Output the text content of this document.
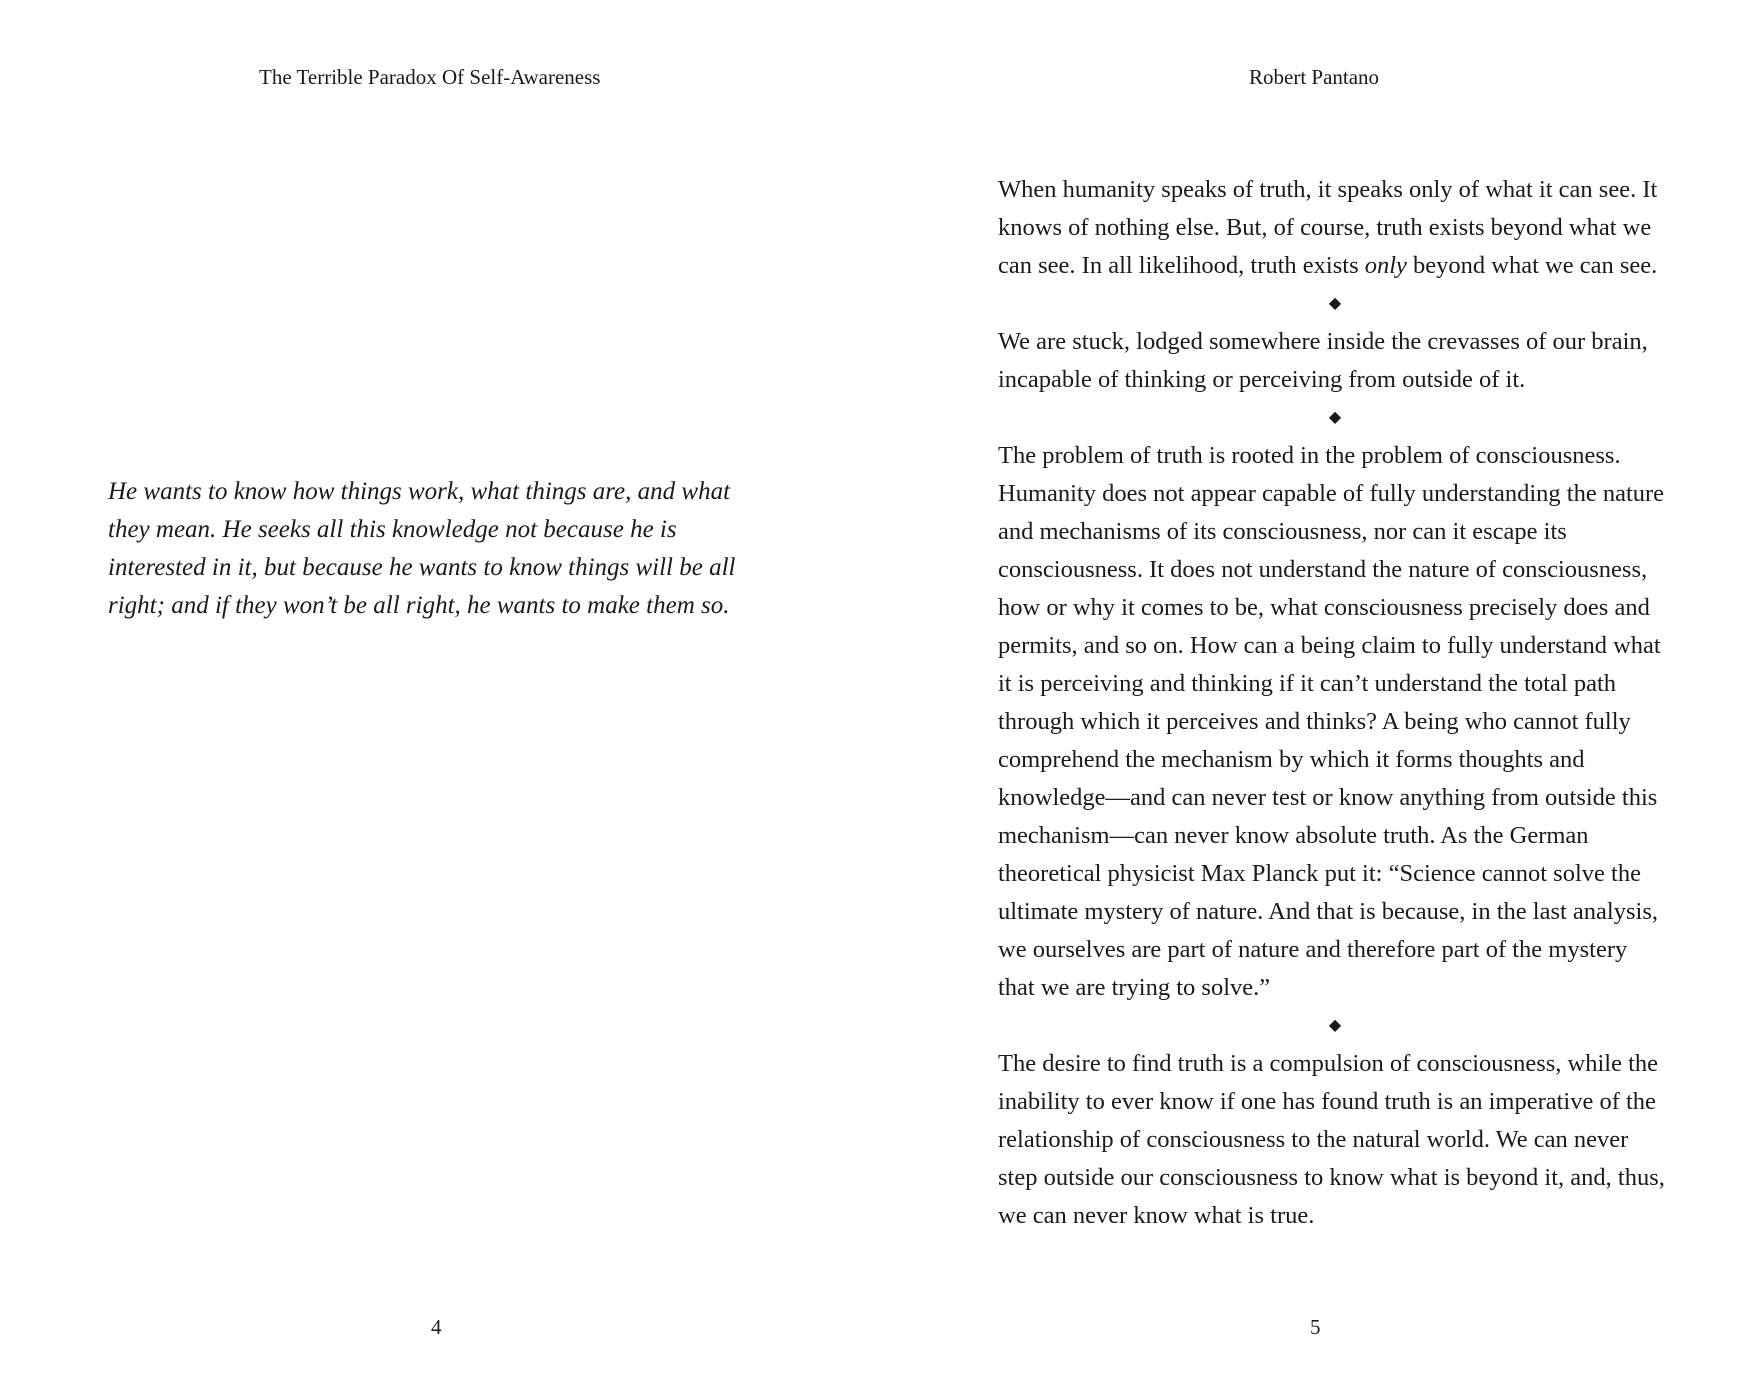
The Terrible Paradox Of Self-Awareness

He wants to know how things work, what things are, and what they mean. He seeks all this knowledge not because he is interested in it, but because he wants to know things will be all right; and if they won’t be all right, he wants to make them so.

4
Robert Pantano

When humanity speaks of truth, it speaks only of what it can see. It knows of nothing else. But, of course, truth exists beyond what we can see. In all likelihood, truth exists only beyond what we can see.

◆

We are stuck, lodged somewhere inside the crevasses of our brain, incapable of thinking or perceiving from outside of it.

◆

The problem of truth is rooted in the problem of consciousness. Humanity does not appear capable of fully understanding the nature and mechanisms of its consciousness, nor can it escape its consciousness. It does not understand the nature of consciousness, how or why it comes to be, what consciousness precisely does and permits, and so on. How can a being claim to fully understand what it is perceiving and thinking if it can’t understand the total path through which it perceives and thinks? A being who cannot fully comprehend the mechanism by which it forms thoughts and knowledge—and can never test or know anything from outside this mechanism—can never know absolute truth. As the German theoretical physicist Max Planck put it: “Science cannot solve the ultimate mystery of nature. And that is because, in the last analysis, we ourselves are part of nature and therefore part of the mystery that we are trying to solve.”

◆

The desire to find truth is a compulsion of consciousness, while the inability to ever know if one has found truth is an imperative of the relationship of consciousness to the natural world. We can never step outside our consciousness to know what is beyond it, and, thus, we can never know what is true.

5
